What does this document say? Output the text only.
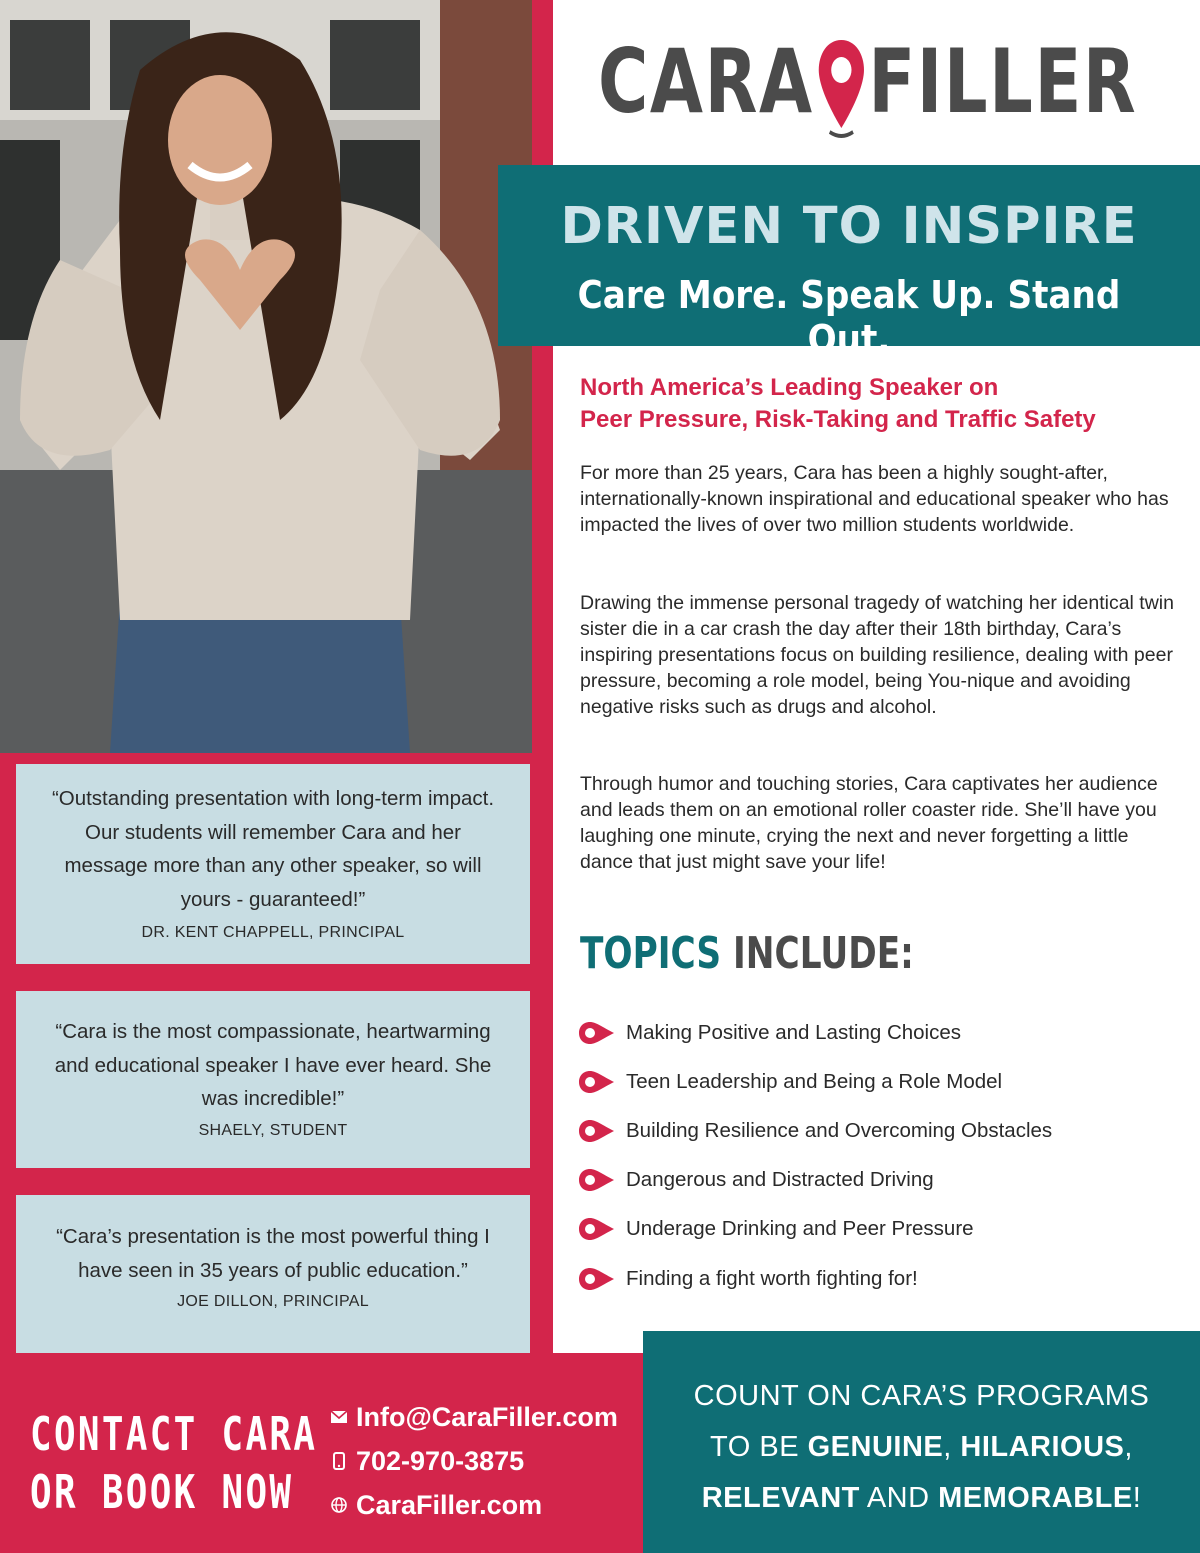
CARA FILLER
DRIVEN TO INSPIRE
Care More. Speak Up. Stand Out.
North America’s Leading Speaker on
Peer Pressure, Risk-Taking and Traffic Safety
For more than 25 years, Cara has been a highly sought-after, internationally-known inspirational and educational speaker who has impacted the lives of over two million students worldwide.
Drawing the immense personal tragedy of watching her identical twin sister die in a car crash the day after their 18th birthday, Cara’s inspiring presentations focus on building resilience, dealing with peer pressure, becoming a role model, being You-nique and avoiding negative risks such as drugs and alcohol.
Through humor and touching stories, Cara captivates her audience and leads them on an emotional roller coaster ride. She’ll have you laughing one minute, crying the next and never forgetting a little dance that just might save your life!
TOPICS INCLUDE:
Making Positive and Lasting Choices
Teen Leadership and Being a Role Model
Building Resilience and Overcoming Obstacles
Dangerous and Distracted Driving
Underage Drinking and Peer Pressure
Finding a fight worth fighting for!
“Outstanding presentation with long-term impact. Our students will remember Cara and her message more than any other speaker, so will yours - guaranteed!”
DR. KENT CHAPPELL, PRINCIPAL
“Cara is the most compassionate, heartwarming and educational speaker I have ever heard. She was incredible!”
SHAELY, STUDENT
“Cara’s presentation is the most powerful thing I have seen in 35 years of public education.”
JOE DILLON, PRINCIPAL
CONTACT CARA
OR BOOK NOW
Info@CaraFiller.com
702-970-3875
CaraFiller.com
COUNT ON CARA’S PROGRAMS
TO BE GENUINE, HILARIOUS,
RELEVANT AND MEMORABLE!
